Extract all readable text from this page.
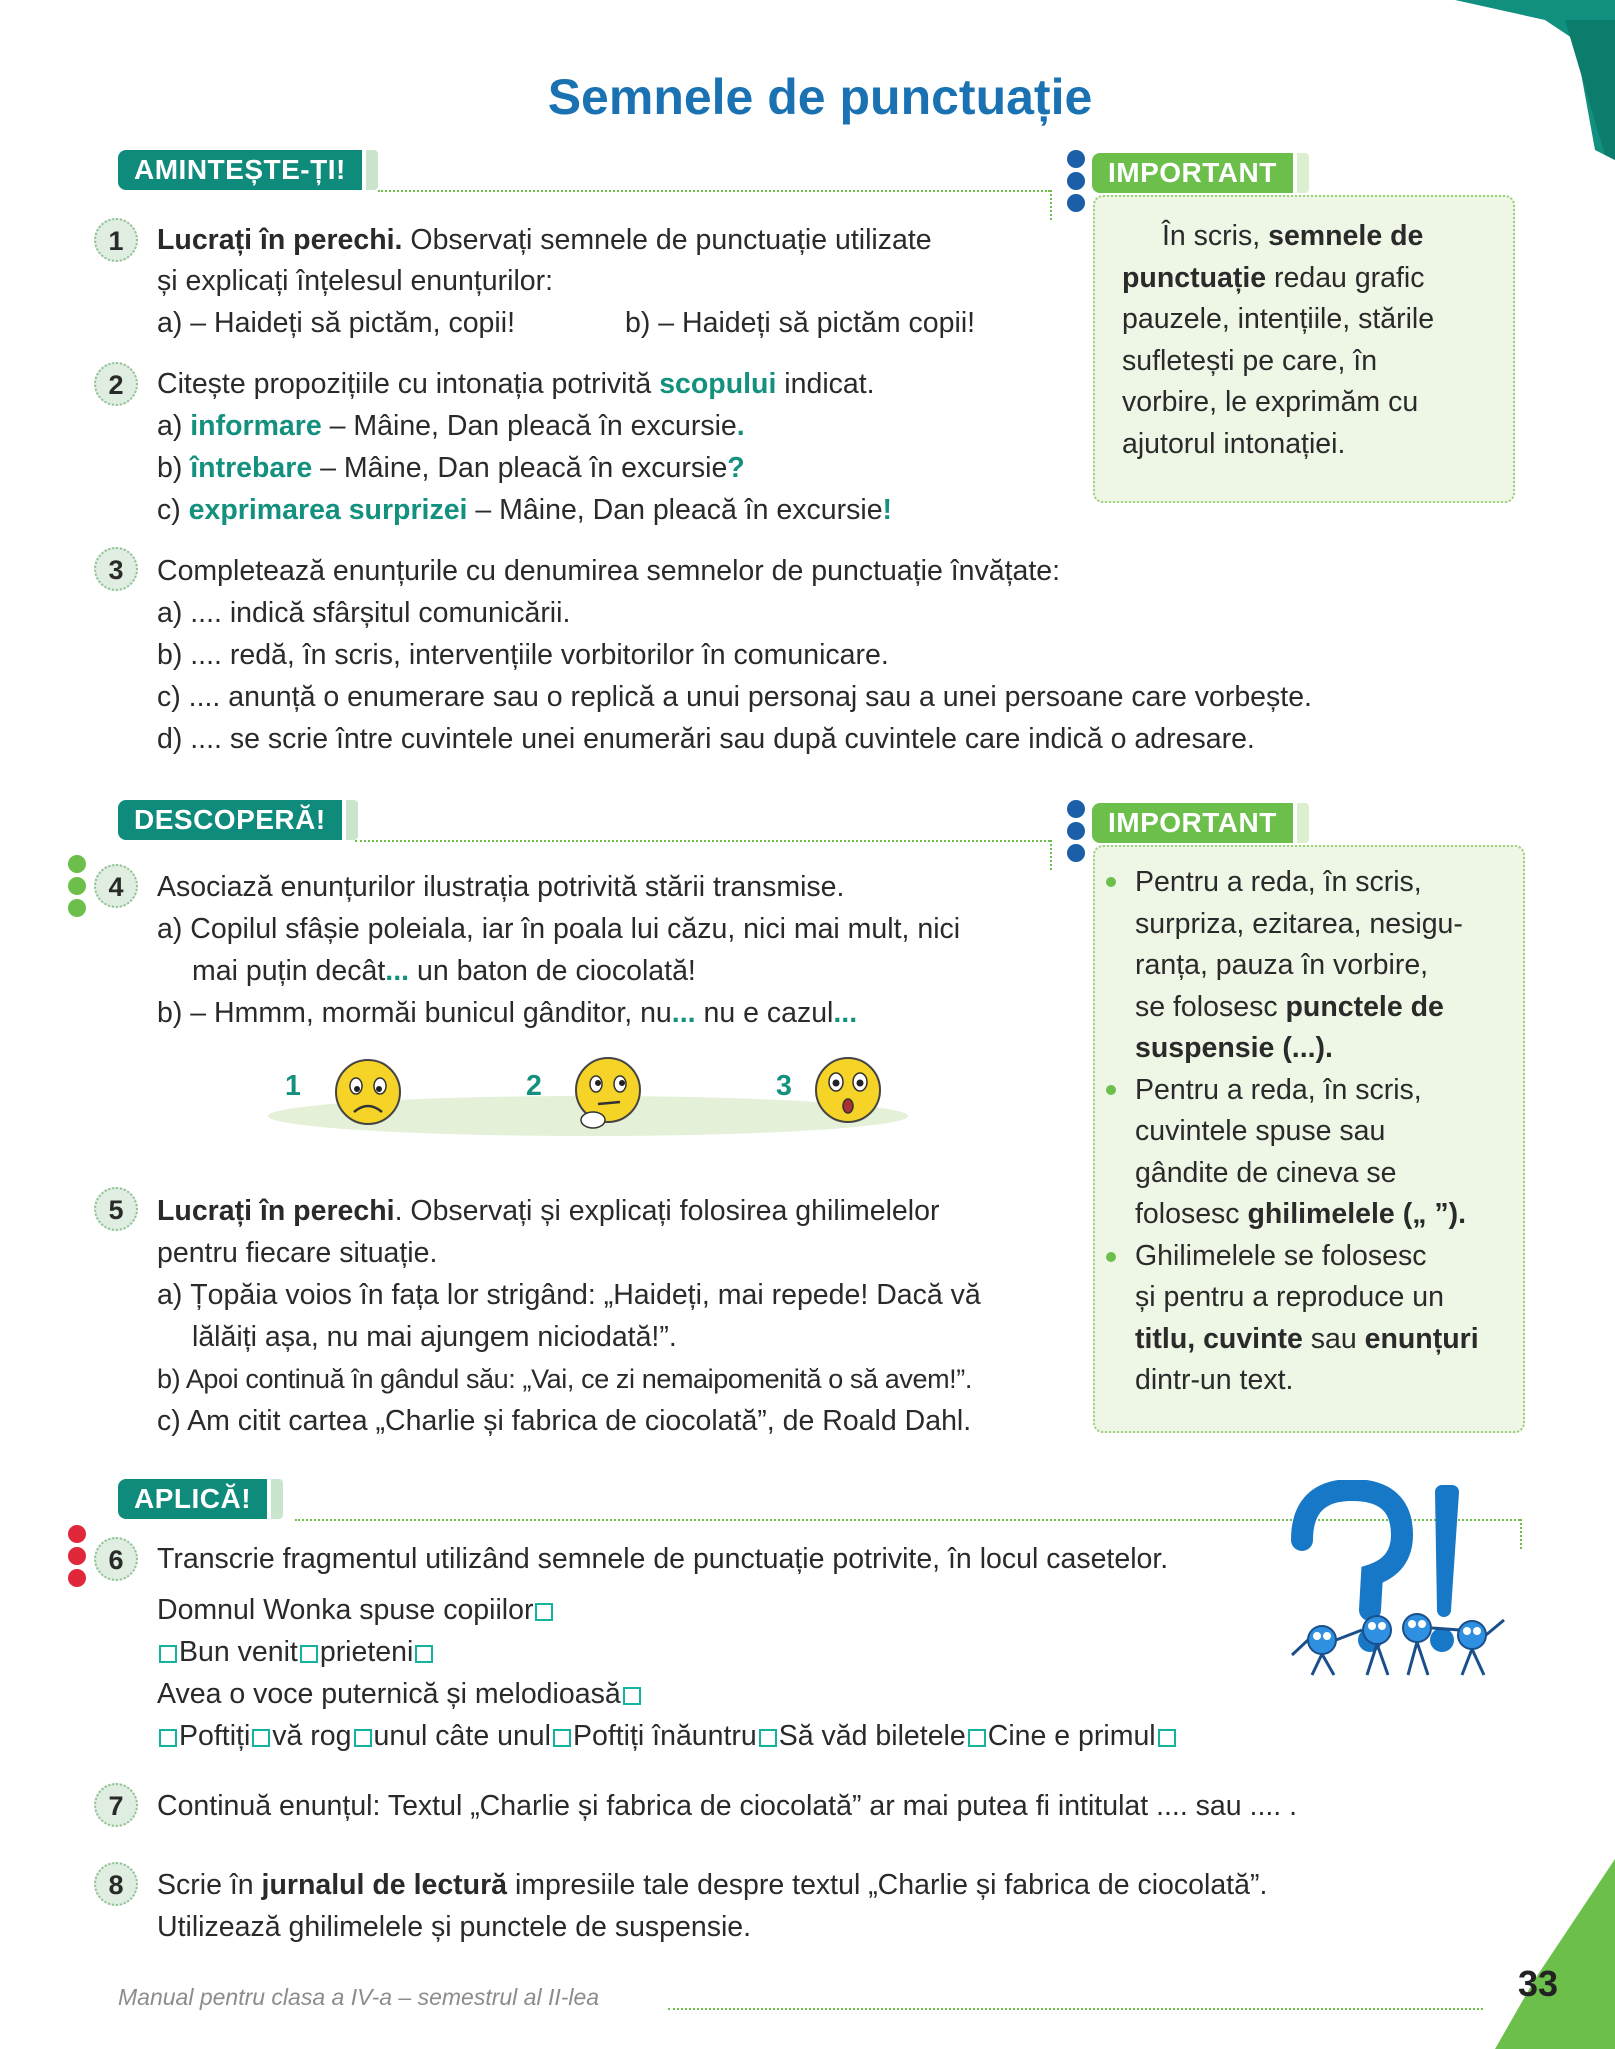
Semnele de punctuație
AMINTEȘTE-ȚI!	IMPORTANT
În scris, semnele de
punctuație redau grafic
pauzele, intențiile, stările
sufletești pe care, în
vorbire, le exprimăm cu
ajutorul intonației.
1	Lucrați în perechi. Observați semnele de punctuație utilizate
și explicați înțelesul enunțurilor:
a) – Haideți să pictăm, copii!	b) – Haideți să pictăm copii!
2	Citește propozițiile cu intonația potrivită scopului indicat.
a) informare – Mâine, Dan pleacă în excursie.
b) întrebare – Mâine, Dan pleacă în excursie?
c) exprimarea surprizei – Mâine, Dan pleacă în excursie!
3	Completează enunțurile cu denumirea semnelor de punctuație învățate:
a) .... indică sfârșitul comunicării.
b) .... redă, în scris, intervențiile vorbitorilor în comunicare.
c) .... anunță o enumerare sau o replică a unui personaj sau a unei persoane care vorbește.
d) .... se scrie între cuvintele unei enumerări sau după cuvintele care indică o adresare.
DESCOPERĂ!	IMPORTANT
Pentru a reda, în scris,
surpriza, ezitarea, nesigu-
ranța, pauza în vorbire,
se folosesc punctele de
suspensie (...).
Pentru a reda, în scris,
cuvintele spuse sau
gândite de cineva se
folosesc ghilimelele („ ”).
Ghilimelele se folosesc
și pentru a reproduce un
titlu, cuvinte sau enunțuri
dintr-un text.
4	Asociază enunțurilor ilustrația potrivită stării transmise.
a) Copilul sfâșie poleiala, iar în poala lui căzu, nici mai mult, nici
mai puțin decât... un baton de ciocolată!
b) – Hmmm, mormăi bunicul gânditor, nu... nu e cazul...
1	2	3
5	Lucrați în perechi. Observați și explicați folosirea ghilimelelor
pentru fiecare situație.
a) Țopăia voios în fața lor strigând: „Haideți, mai repede! Dacă vă
lălăiți așa, nu mai ajungem niciodată!”.
b) Apoi continuă în gândul său: „Vai, ce zi nemaipomenită o să avem!”.
c) Am citit cartea „Charlie și fabrica de ciocolată”, de Roald Dahl.
APLICĂ!
6	Transcrie fragmentul utilizând semnele de punctuație potrivite, în locul casetelor.
Domnul Wonka spuse copiilor
Bun venit prieteni
Avea o voce puternică și melodioasă
Poftiți vă rog unul câte unul Poftiți înăuntru Să văd biletele Cine e primul
7	Continuă enunțul: Textul „Charlie și fabrica de ciocolată” ar mai putea fi intitulat .... sau .... .
8	Scrie în jurnalul de lectură impresiile tale despre textul „Charlie și fabrica de ciocolată”.
Utilizează ghilimelele și punctele de suspensie.
Manual pentru clasa a IV-a – semestrul al II-lea	33
